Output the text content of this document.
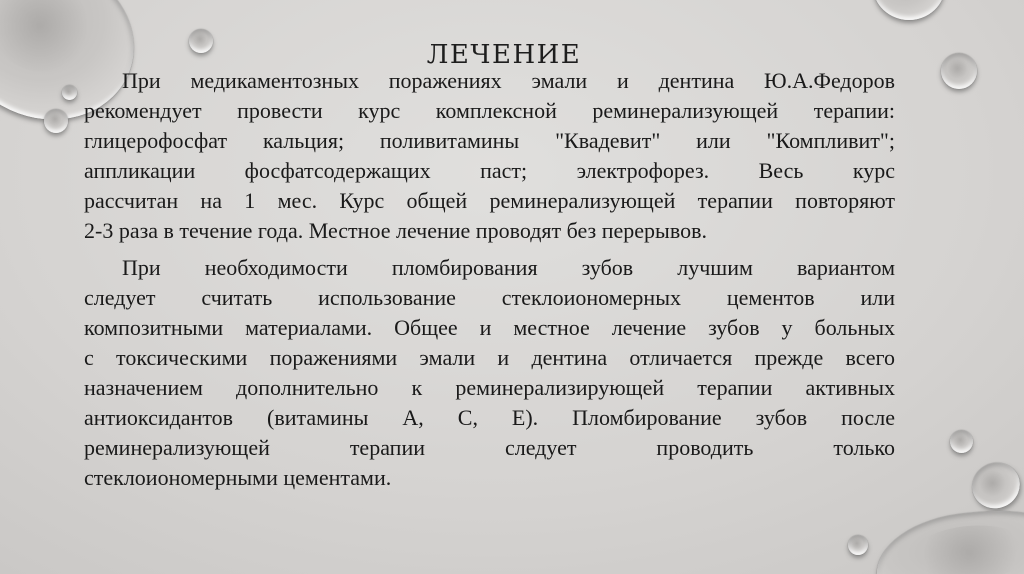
ЛЕЧЕНИЕ
При медикаментозных поражениях эмали и дентина Ю.А.Федоров
рекомендует провести курс комплексной реминерализующей терапии:
глицерофосфат кальция; поливитамины "Квадевит" или "Компливит";
аппликации фосфатсодержащих паст; электрофорез. Весь курс
рассчитан на 1 мес. Курс общей реминерализующей терапии повторяют
2-3 раза в течение года. Местное лечение проводят без перерывов.
При необходимости пломбирования зубов лучшим вариантом
следует считать использование стеклоиономерных цементов или
композитными материалами. Общее и местное лечение зубов у больных
с токсическими поражениями эмали и дентина отличается прежде всего
назначением дополнительно к реминерализирующей терапии активных
антиоксидантов (витамины А, С, Е). Пломбирование зубов после
реминерализующей терапии следует проводить только
стеклоиономерными цементами.
